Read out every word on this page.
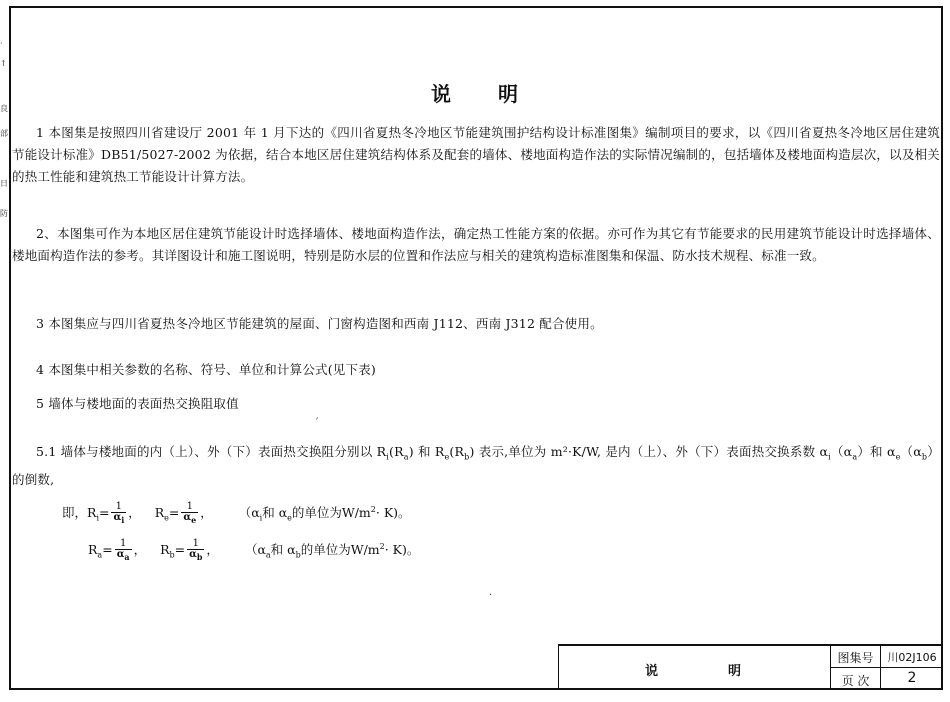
·
↑
良
部
日
防
说 明
1 本图集是按照四川省建设厅 2001 年 1 月下达的《四川省夏热冬冷地区节能建筑围护结构设计标准图集》编制项目的要求，以《四川省夏热冬冷地区居住建筑节能设计标准》DB51/5027-2002 为依据，结合本地区居住建筑结构体系及配套的墙体、楼地面构造作法的实际情况编制的，包括墙体及楼地面构造层次，以及相关的热工性能和建筑热工节能设计计算方法。
2、本图集可作为本地区居住建筑节能设计时选择墙体、楼地面构造作法，确定热工性能方案的依据。亦可作为其它有节能要求的民用建筑节能设计时选择墙体、楼地面构造作法的参考。其详图设计和施工图说明，特别是防水层的位置和作法应与相关的建筑构造标准图集和保温、防水技术规程、标准一致。
3 本图集应与四川省夏热冬冷地区节能建筑的屋面、门窗构造图和西南 J112、西南 J312 配合使用。
4 本图集中相关参数的名称、符号、单位和计算公式(见下表)
5 墙体与楼地面的表面热交换阻取值
ˊ
5.1 墙体与楼地面的内（上）、外（下）表面热交换阻分别以 $R_i(R_a)$ 和 $R_e(R_b)$ 表示,单位为 m²·K/W, 是内（上）、外（下）表面热交换系数 $\alpha_i(\alpha_a)$和 $\alpha_e(\alpha_b)$的倒数,
即，$R_i= \frac{1}{\alpha_i}$ ， $R_e= \frac{1}{\alpha_e}$ ， （$\alpha_i$和 $\alpha_e$的单位为$W/m^2\cdot K$)。
$R_a= \frac{1}{\alpha_a}$ ， $R_b= \frac{1}{\alpha_b}$ ， （$\alpha_a$和 $\alpha_b$的单位为$W/m^2\cdot K$)。
·
说	明
图集号	川02J106
页 次	2
